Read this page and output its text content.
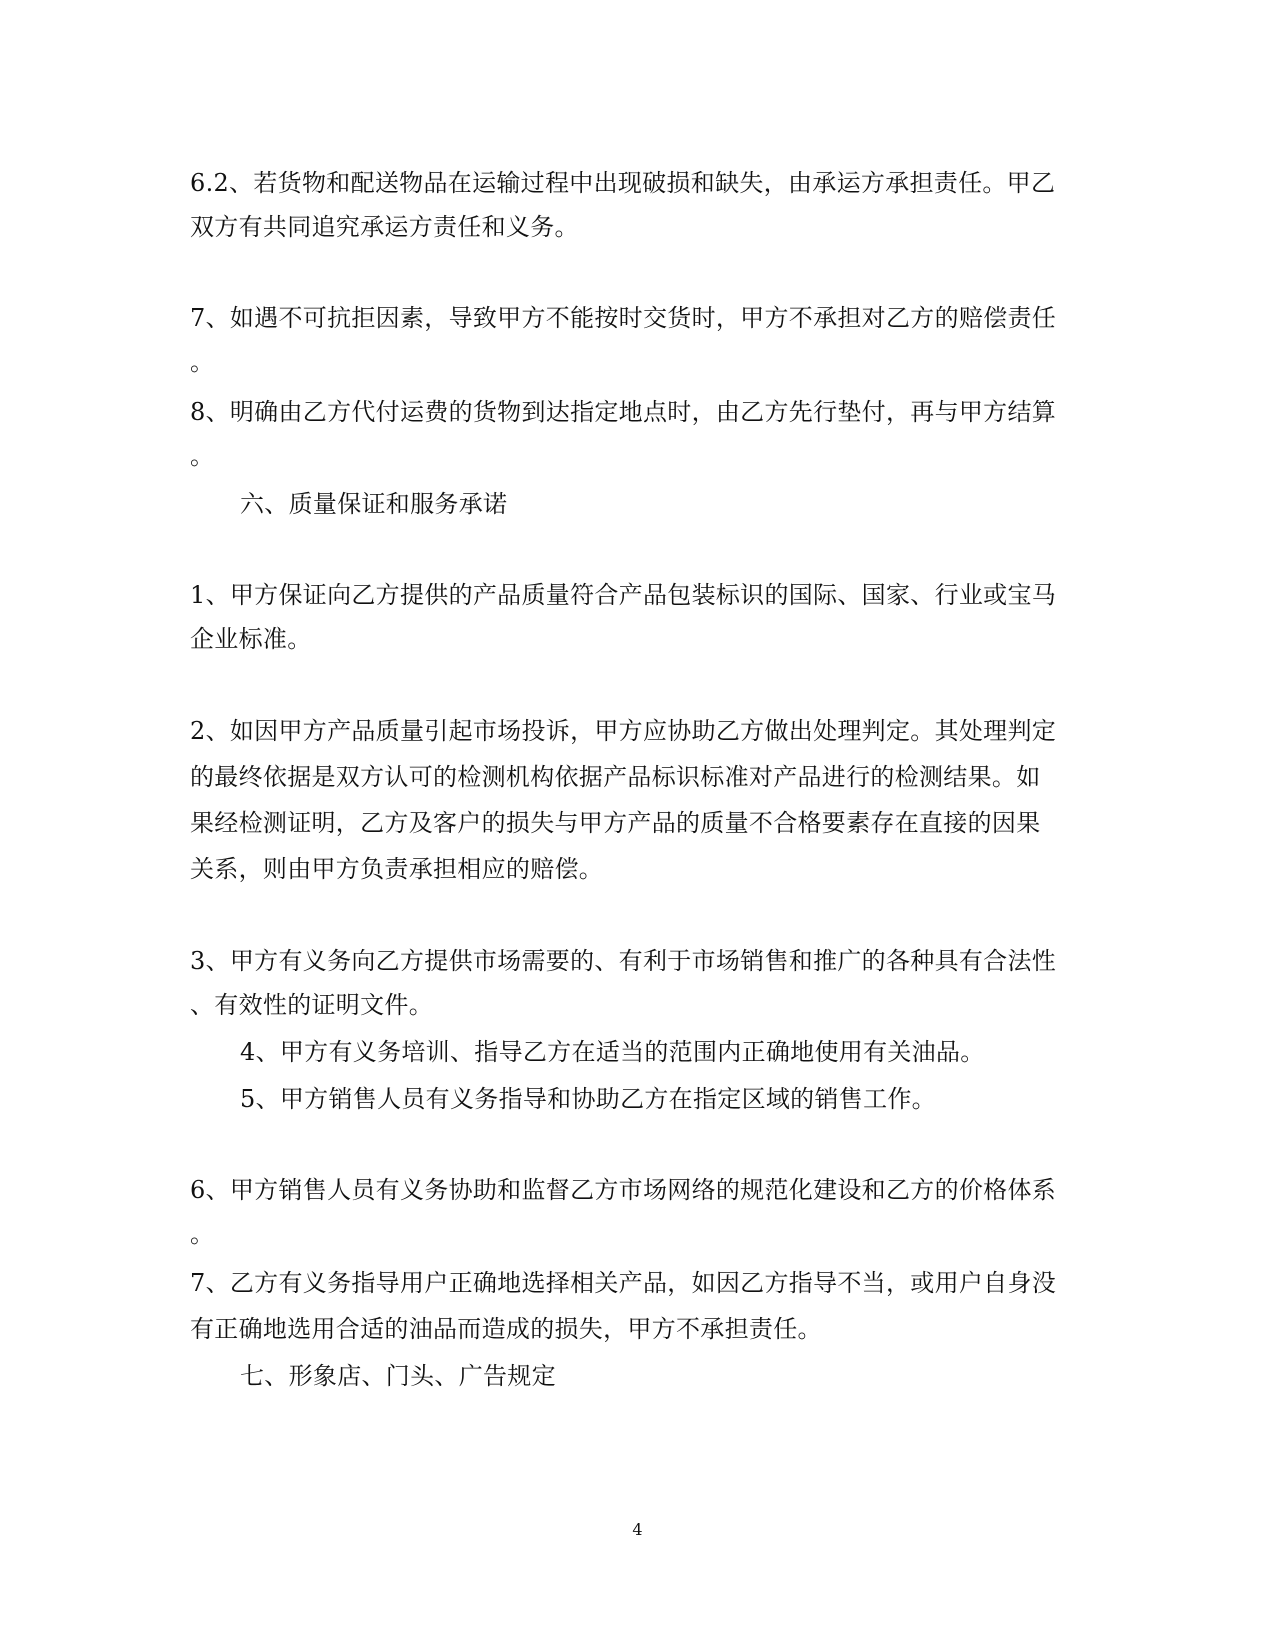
6.2、若货物和配送物品在运输过程中出现破损和缺失，由承运方承担责任。甲乙
双方有共同追究承运方责任和义务。
7、如遇不可抗拒因素，导致甲方不能按时交货时，甲方不承担对乙方的赔偿责任
。
8、明确由乙方代付运费的货物到达指定地点时，由乙方先行垫付，再与甲方结算
。
六、质量保证和服务承诺
1、甲方保证向乙方提供的产品质量符合产品包装标识的国际、国家、行业或宝马
企业标准。
2、如因甲方产品质量引起市场投诉，甲方应协助乙方做出处理判定。其处理判定
的最终依据是双方认可的检测机构依据产品标识标准对产品进行的检测结果。如
果经检测证明，乙方及客户的损失与甲方产品的质量不合格要素存在直接的因果
关系，则由甲方负责承担相应的赔偿。
3、甲方有义务向乙方提供市场需要的、有利于市场销售和推广的各种具有合法性
、有效性的证明文件。
4、甲方有义务培训、指导乙方在适当的范围内正确地使用有关油品。
5、甲方销售人员有义务指导和协助乙方在指定区域的销售工作。
6、甲方销售人员有义务协助和监督乙方市场网络的规范化建设和乙方的价格体系
。
7、乙方有义务指导用户正确地选择相关产品，如因乙方指导不当，或用户自身没
有正确地选用合适的油品而造成的损失，甲方不承担责任。
七、形象店、门头、广告规定
4
